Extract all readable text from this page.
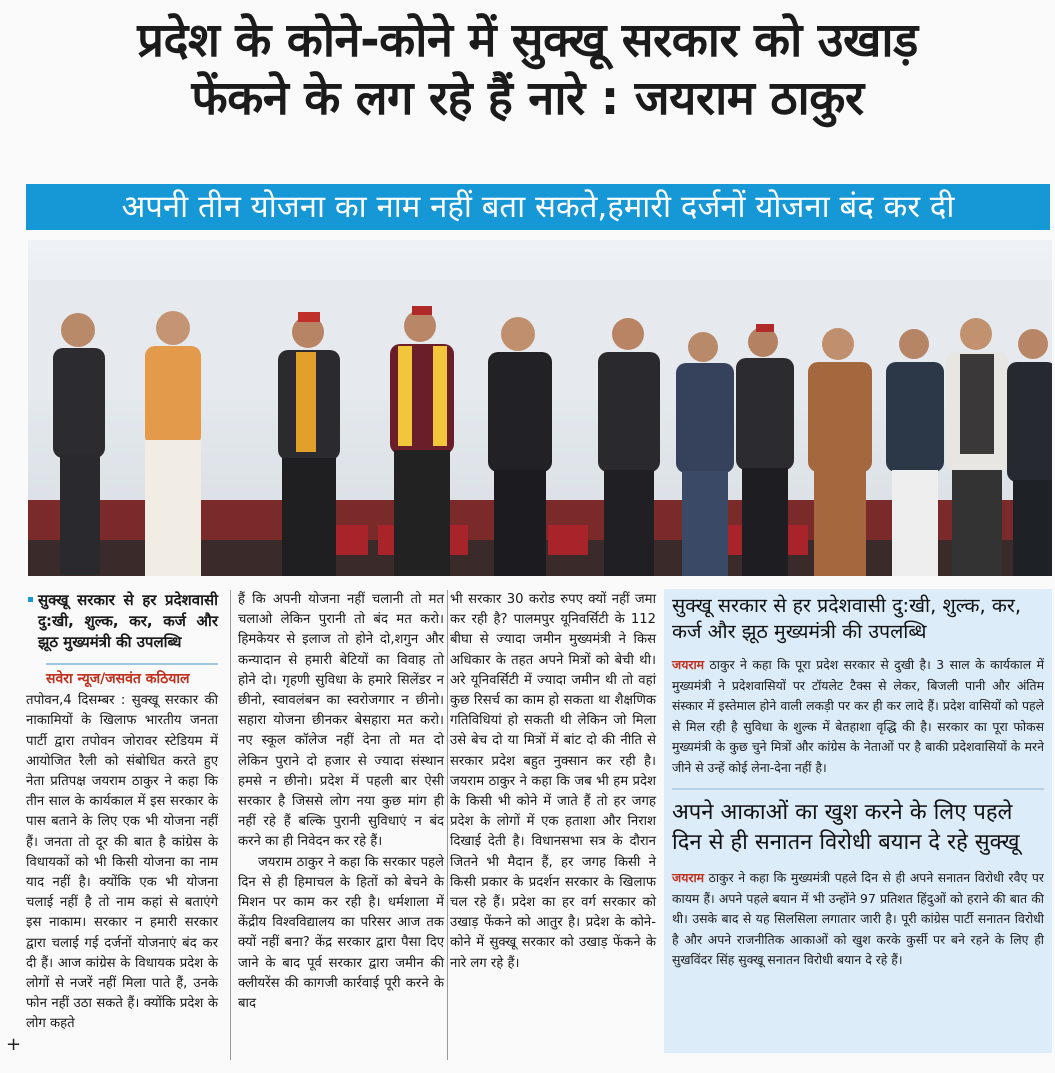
प्रदेश के कोने-कोने में सुक्खू सरकार को उखाड़
फेंकने के लग रहे हैं नारे : जयराम ठाकुर
अपनी तीन योजना का नाम नहीं बता सकते,हमारी दर्जनों योजना बंद कर दी
सुक्खू सरकार से हर प्रदेशवासी दु:खी, शुल्क, कर, कर्ज और झूठ मुख्यमंत्री की उपलब्धि
सवेरा न्यूज/जसवंत कठियाल
तपोवन,4 दिसम्बर : सुक्खू सरकार की नाकामियों के खिलाफ भारतीय जनता पार्टी द्वारा तपोवन जोरावर स्टेडियम में आयोजित रैली को संबोधित करते हुए नेता प्रतिपक्ष जयराम ठाकुर ने कहा कि तीन साल के कार्यकाल में इस सरकार के पास बताने के लिए एक भी योजना नहीं हैं। जनता तो दूर की बात है कांग्रेस के विधायकों को भी किसी योजना का नाम याद नहीं है। क्योंकि एक भी योजना चलाई नहीं है तो नाम कहां से बताएंगे इस नाकाम। सरकार न हमारी सरकार द्वारा चलाई गई दर्जनों योजनाएं बंद कर दी हैं। आज कांग्रेस के विधायक प्रदेश के लोगों से नजरें नहीं मिला पाते हैं, उनके फोन नहीं उठा सकते हैं। क्योंकि प्रदेश के लोग कहते
+

हैं कि अपनी योजना नहीं चलानी तो मत चलाओ लेकिन पुरानी तो बंद मत करो। हिमकेयर से इलाज तो होने दो,शगुन और कन्यादान से हमारी बेटियों का विवाह तो होने दो। गृहणी सुविधा के हमारे सिलेंडर न छीनो, स्वावलंबन का स्वरोजगार न छीनो। सहारा योजना छीनकर बेसहारा मत करो। नए स्कूल कॉलेज नहीं देना तो मत दो लेकिन पुराने दो हजार से ज्यादा संस्थान हमसे न छीनो। प्रदेश में पहली बार ऐसी सरकार है जिससे लोग नया कुछ मांग ही नहीं रहे हैं बल्कि पुरानी सुविधाएं न बंद करने का ही निवेदन कर रहे हैं।

जयराम ठाकुर ने कहा कि सरकार पहले दिन से ही हिमाचल के हितों को बेचने के मिशन पर काम कर रही है। धर्मशाला में केंद्रीय विश्वविद्यालय का परिसर आज तक क्यों नहीं बना? केंद्र सरकार द्वारा पैसा दिए जाने के बाद पूर्व सरकार द्वारा जमीन की क्लीयरेंस की कागजी कार्रवाई पूरी करने के बाद

भी सरकार 30 करोड रुपए क्यों नहीं जमा कर रही है? पालमपुर यूनिवर्सिटी के 112 बीघा से ज्यादा जमीन मुख्यमंत्री ने किस अधिकार के तहत अपने मित्रों को बेची थी। अरे यूनिवर्सिटी में ज्यादा जमीन थी तो वहां कुछ रिसर्च का काम हो सकता था शैक्षणिक गतिविधियां हो सकती थी लेकिन जो मिला उसे बेच दो या मित्रों में बांट दो की नीति से सरकार प्रदेश बहुत नुक्सान कर रही है। जयराम ठाकुर ने कहा कि जब भी हम प्रदेश के किसी भी कोने में जाते हैं तो हर जगह प्रदेश के लोगों में एक हताशा और निराश दिखाई देती है। विधानसभा सत्र के दौरान जितने भी मैदान हैं, हर जगह किसी ने किसी प्रकार के प्रदर्शन सरकार के खिलाफ चल रहे हैं। प्रदेश का हर वर्ग सरकार को उखाड़ फेंकने को आतुर है। प्रदेश के कोने-कोने में सुक्खू सरकार को उखाड़ फेंकने के नारे लग रहे हैं।

सुक्खू सरकार से हर प्रदेशवासी दु:खी, शुल्क, कर, कर्ज और झूठ मुख्यमंत्री की उपलब्धि
जयराम ठाकुर ने कहा कि पूरा प्रदेश सरकार से दुखी है। 3 साल के कार्यकाल में मुख्यमंत्री ने प्रदेशवासियों पर टॉयलेट टैक्स से लेकर, बिजली पानी और अंतिम संस्कार में इस्तेमाल होने वाली लकड़ी पर कर ही कर लादे हैं। प्रदेश वासियों को पहले से मिल रही है सुविधा के शुल्क में बेतहाशा वृद्धि की है। सरकार का पूरा फोकस मुख्यमंत्री के कुछ चुने मित्रों और कांग्रेस के नेताओं पर है बाकी प्रदेशवासियों के मरने जीने से उन्हें कोई लेना-देना नहीं है।
अपने आकाओं का खुश करने के लिए पहले दिन से ही सनातन विरोधी बयान दे रहे सुक्खू
जयराम ठाकुर ने कहा कि मुख्यमंत्री पहले दिन से ही अपने सनातन विरोधी रवैए पर कायम हैं। अपने पहले बयान में भी उन्होंने 97 प्रतिशत हिंदुओं को हराने की बात की थी। उसके बाद से यह सिलसिला लगातार जारी है। पूरी कांग्रेस पार्टी सनातन विरोधी है और अपने राजनीतिक आकाओं को खुश करके कुर्सी पर बने रहने के लिए ही सुखविंदर सिंह सुक्खू सनातन विरोधी बयान दे रहे हैं।
